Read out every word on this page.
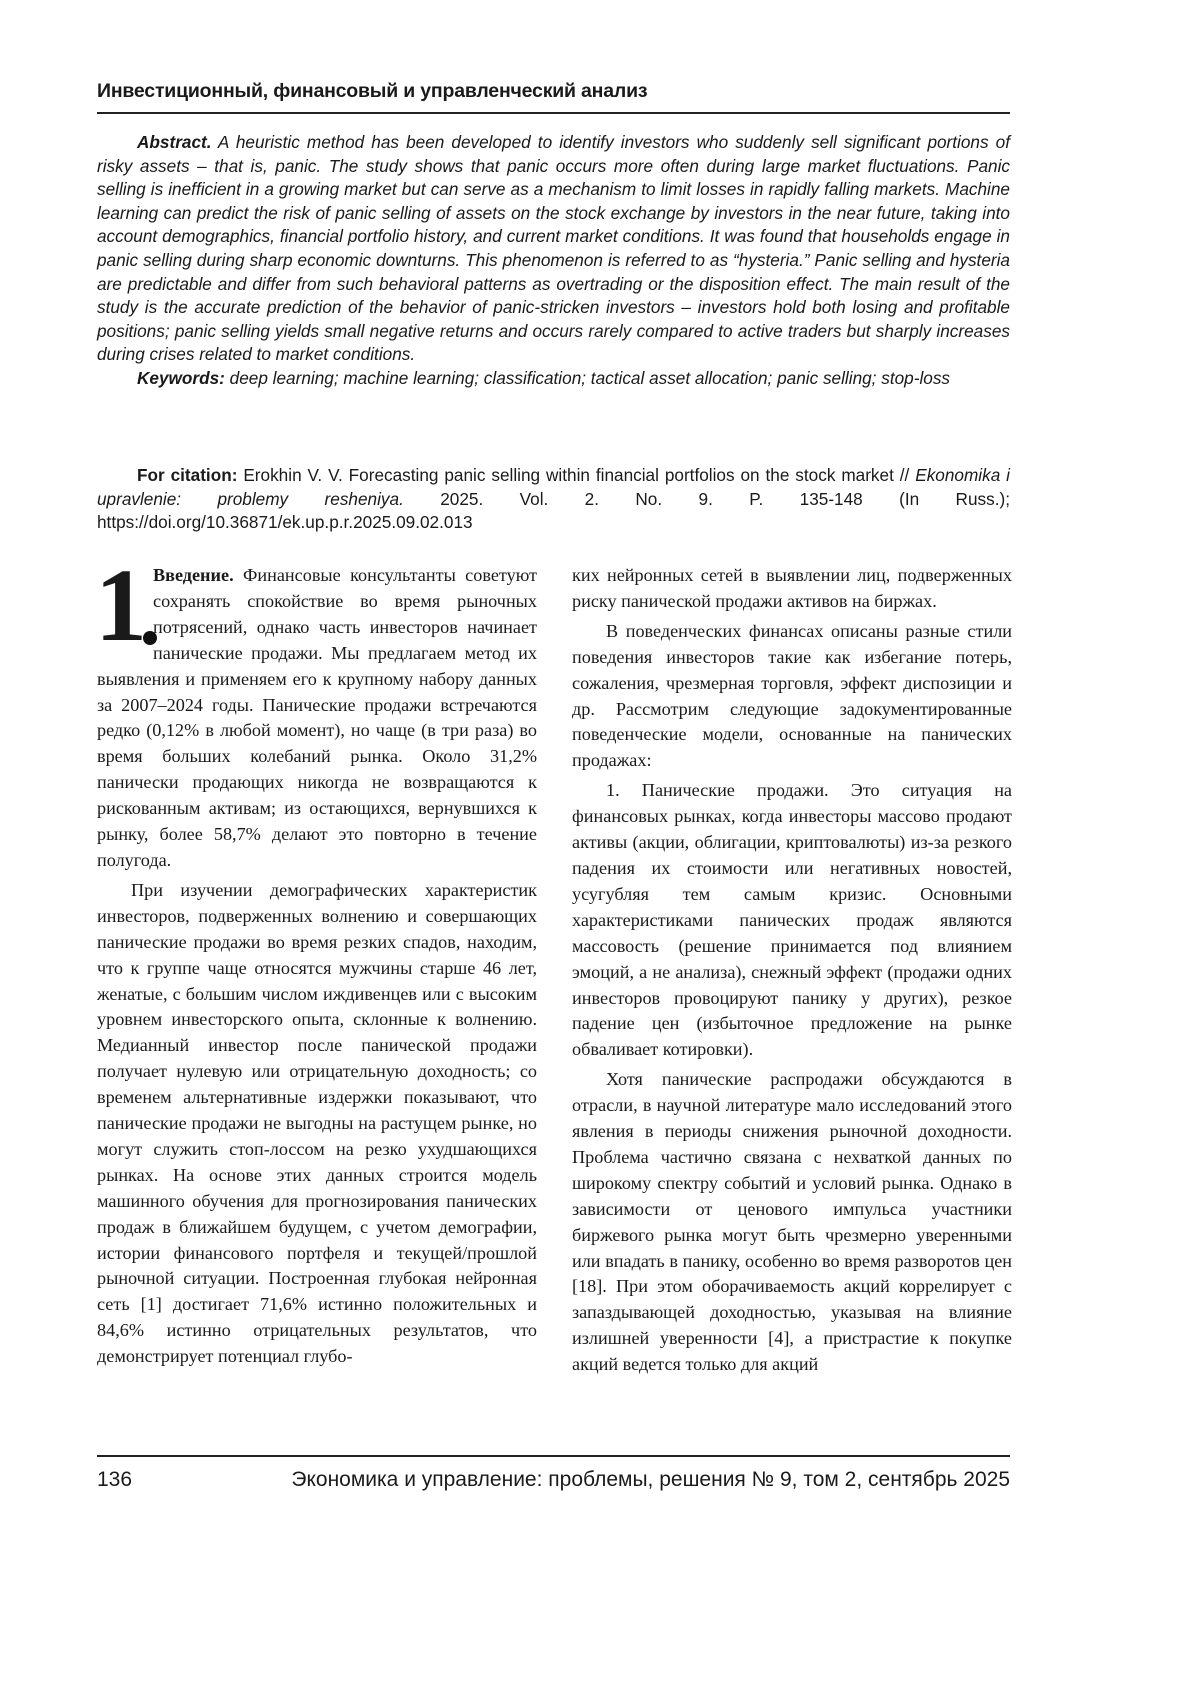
Инвестиционный, финансовый и управленческий анализ

Abstract. A heuristic method has been developed to identify investors who suddenly sell significant portions of risky assets – that is, panic. The study shows that panic occurs more often during large market fluctuations. Panic selling is inefficient in a growing market but can serve as a mechanism to limit losses in rapidly falling markets. Machine learning can predict the risk of panic selling of assets on the stock exchange by investors in the near future, taking into account demographics, financial portfolio history, and current market conditions. It was found that households engage in panic selling during sharp economic downturns. This phenomenon is referred to as “hysteria.” Panic selling and hysteria are predictable and differ from such behavioral patterns as overtrading or the disposition effect. The main result of the study is the accurate prediction of the behavior of panic-stricken investors – investors hold both losing and profitable positions; panic selling yields small negative returns and occurs rarely compared to active traders but sharply increases during crises related to market conditions.

Keywords: deep learning; machine learning; classification; tactical asset allocation; panic selling; stop-loss

For citation: Erokhin V. V. Forecasting panic selling within financial portfolios on the stock market // Ekonomika i upravlenie: problemy resheniya. 2025. Vol. 2. No. 9. P. 135-148 (In Russ.); https://doi.org/10.36871/ek.up.p.r.2025.09.02.013

1 Введение. Финансовые консультанты советуют сохранять спокойствие во время рыночных потрясений, однако часть инвесторов начинает панические продажи. Мы предлагаем метод их выявления и применяем его к крупному набору данных за 2007–2024 годы. Панические продажи встречаются редко (0,12% в любой момент), но чаще (в три раза) во время больших колебаний рынка. Около 31,2% панически продающих никогда не возвращаются к рискованным активам; из остающихся, вернувшихся к рынку, более 58,7% делают это повторно в течение полугода.

При изучении демографических характеристик инвесторов, подверженных волнению и совершающих панические продажи во время резких спадов, находим, что к группе чаще относятся мужчины старше 46 лет, женатые, с большим числом иждивенцев или с высоким уровнем инвесторского опыта, склонные к волнению. Медианный инвестор после панической продажи получает нулевую или отрицательную доходность; со временем альтернативные издержки показывают, что панические продажи не выгодны на растущем рынке, но могут служить стоп-лоссом на резко ухудшающихся рынках. На основе этих данных строится модель машинного обучения для прогнозирования панических продаж в ближайшем будущем, с учетом демографии, истории финансового портфеля и текущей/прошлой рыночной ситуации. Построенная глубокая нейронная сеть [1] достигает 71,6% истинно положительных и 84,6% истинно отрицательных результатов, что демонстрирует потенциал глубо-

ких нейронных сетей в выявлении лиц, подверженных риску панической продажи активов на биржах.

В поведенческих финансах описаны разные стили поведения инвесторов такие как избегание потерь, сожаления, чрезмерная торговля, эффект диспозиции и др. Рассмотрим следующие задокументированные поведенческие модели, основанные на панических продажах:

1. Панические продажи. Это ситуация на финансовых рынках, когда инвесторы массово продают активы (акции, облигации, криптовалюты) из-за резкого падения их стоимости или негативных новостей, усугубляя тем самым кризис. Основными характеристиками панических продаж являются массовость (решение принимается под влиянием эмоций, а не анализа), снежный эффект (продажи одних инвесторов провоцируют панику у других), резкое падение цен (избыточное предложение на рынке обваливает котировки).

Хотя панические распродажи обсуждаются в отрасли, в научной литературе мало исследований этого явления в периоды снижения рыночной доходности. Проблема частично связана с нехваткой данных по широкому спектру событий и условий рынка. Однако в зависимости от ценового импульса участники биржевого рынка могут быть чрезмерно уверенными или впадать в панику, особенно во время разворотов цен [18]. При этом оборачиваемость акций коррелирует с запаздывающей доходностью, указывая на влияние излишней уверенности [4], а пристрастие к покупке акций ведется только для акций

136	Экономика и управление: проблемы, решения № 9, том 2, сентябрь 2025
